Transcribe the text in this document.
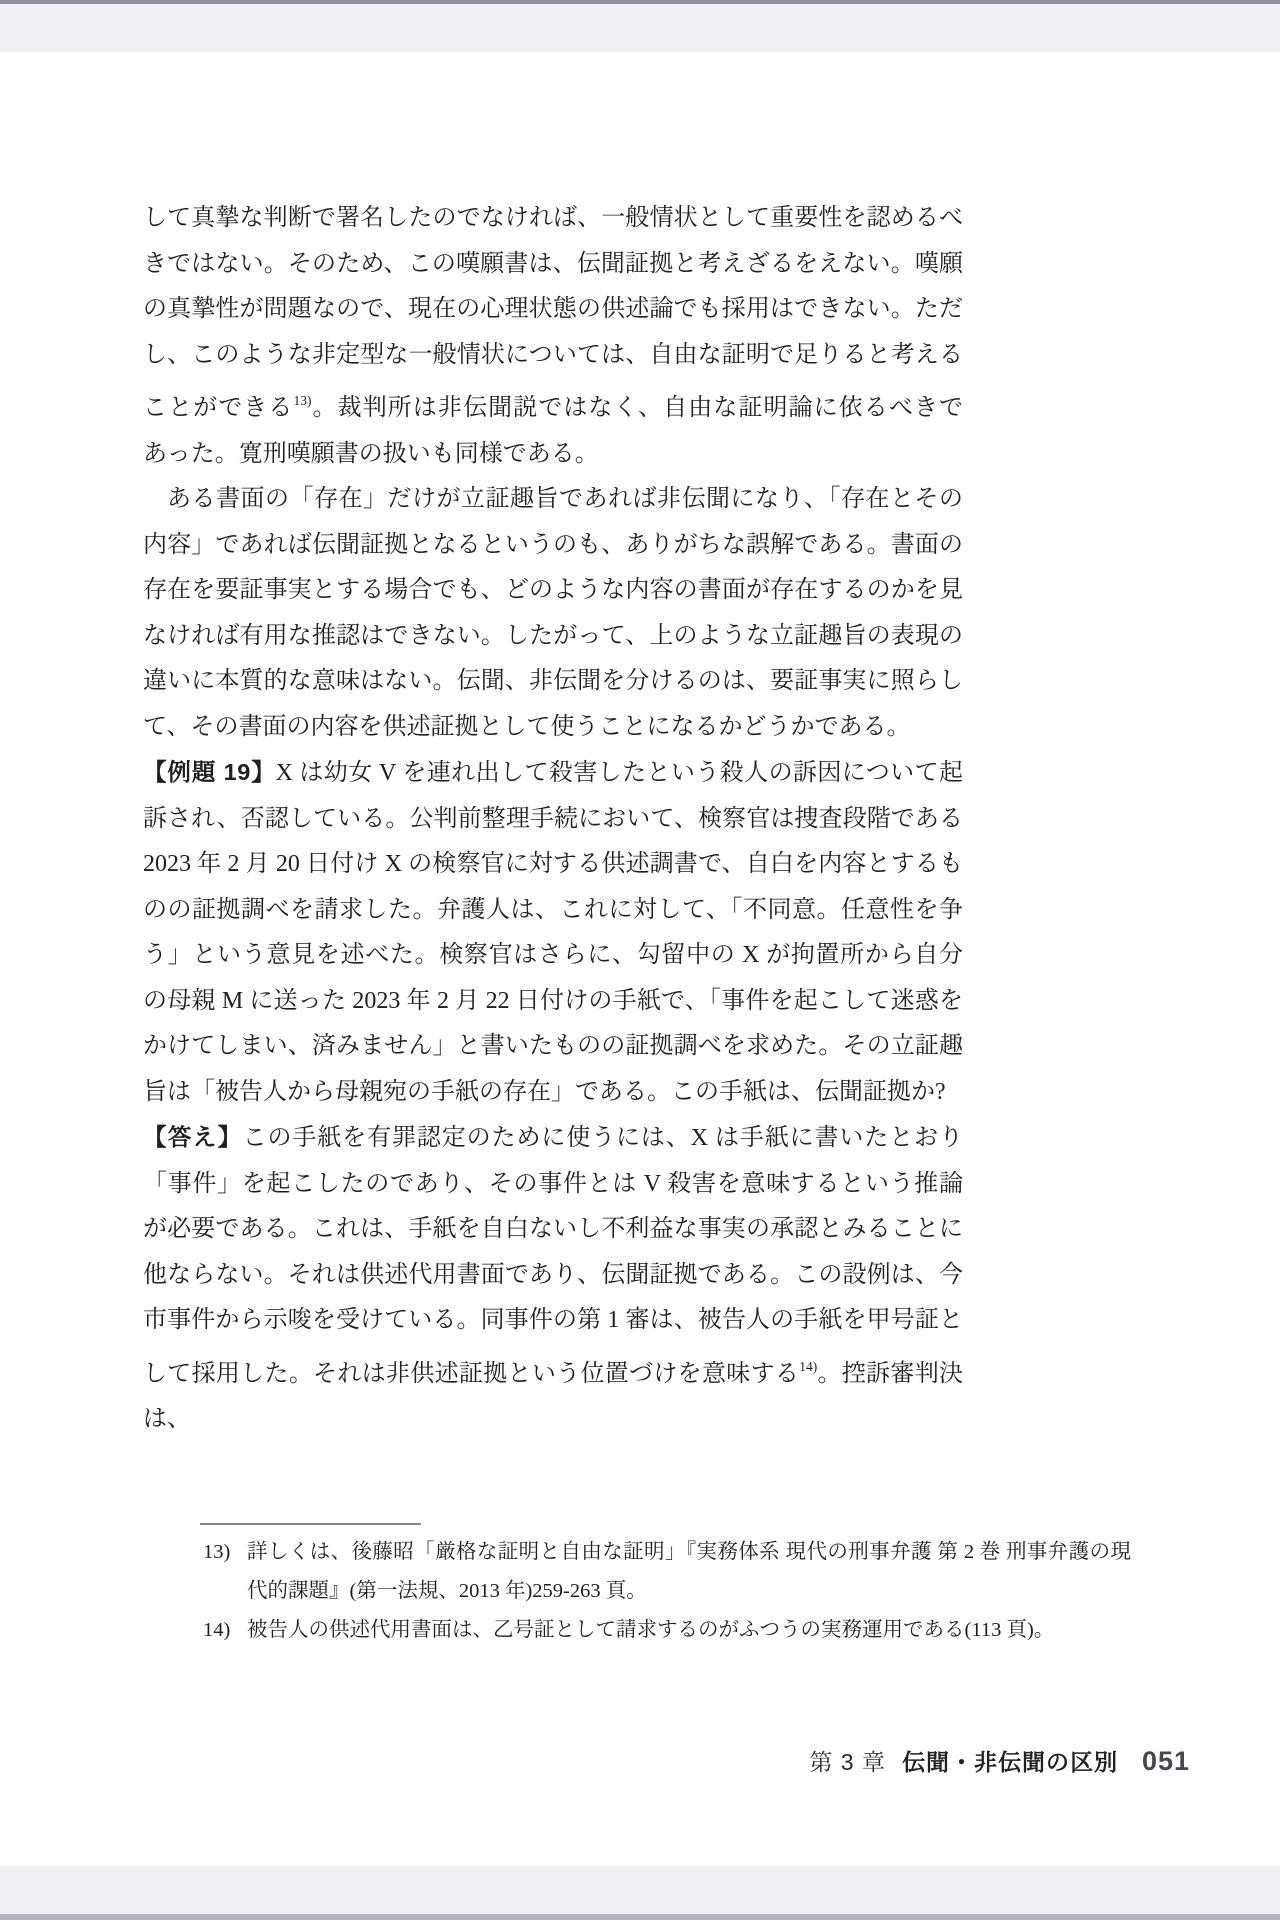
して真摯な判断で署名したのでなければ、一般情状として重要性を認めるべきではない。そのため、この嘆願書は、伝聞証拠と考えざるをえない。嘆願の真摯性が問題なので、現在の心理状態の供述論でも採用はできない。ただし、このような非定型な一般情状については、自由な証明で足りると考えることができる$^{13)}$。裁判所は非伝聞説ではなく、自由な証明論に依るべきであった。寛刑嘆願書の扱いも同様である。

ある書面の「存在」だけが立証趣旨であれば非伝聞になり、「存在とその内容」であれば伝聞証拠となるというのも、ありがちな誤解である。書面の存在を要証事実とする場合でも、どのような内容の書面が存在するのかを見なければ有用な推認はできない。したがって、上のような立証趣旨の表現の違いに本質的な意味はない。伝聞、非伝聞を分けるのは、要証事実に照らして、その書面の内容を供述証拠として使うことになるかどうかである。

【例題 19】X は幼女 V を連れ出して殺害したという殺人の訴因について起訴され、否認している。公判前整理手続において、検察官は捜査段階である 2023 年 2 月 20 日付け X の検察官に対する供述調書で、自白を内容とするものの証拠調べを請求した。弁護人は、これに対して、「不同意。任意性を争う」という意見を述べた。検察官はさらに、勾留中の X が拘置所から自分の母親 M に送った 2023 年 2 月 22 日付けの手紙で、「事件を起こして迷惑をかけてしまい、済みません」と書いたものの証拠調べを求めた。その立証趣旨は「被告人から母親宛の手紙の存在」である。この手紙は、伝聞証拠か?

【答え】この手紙を有罪認定のために使うには、X は手紙に書いたとおり「事件」を起こしたのであり、その事件とは V 殺害を意味するという推論が必要である。これは、手紙を自白ないし不利益な事実の承認とみることに他ならない。それは供述代用書面であり、伝聞証拠である。この設例は、今市事件から示唆を受けている。同事件の第 1 審は、被告人の手紙を甲号証として採用した。それは非供述証拠という位置づけを意味する$^{14)}$。控訴審判決は、

13) 詳しくは、後藤昭「厳格な証明と自由な証明」『実務体系 現代の刑事弁護 第 2 巻 刑事弁護の現代的課題』(第一法規、2013 年)259-263 頁。
14) 被告人の供述代用書面は、乙号証として請求するのがふつうの実務運用である(113 頁)。
第 3 章 伝聞・非伝聞の区別 051
